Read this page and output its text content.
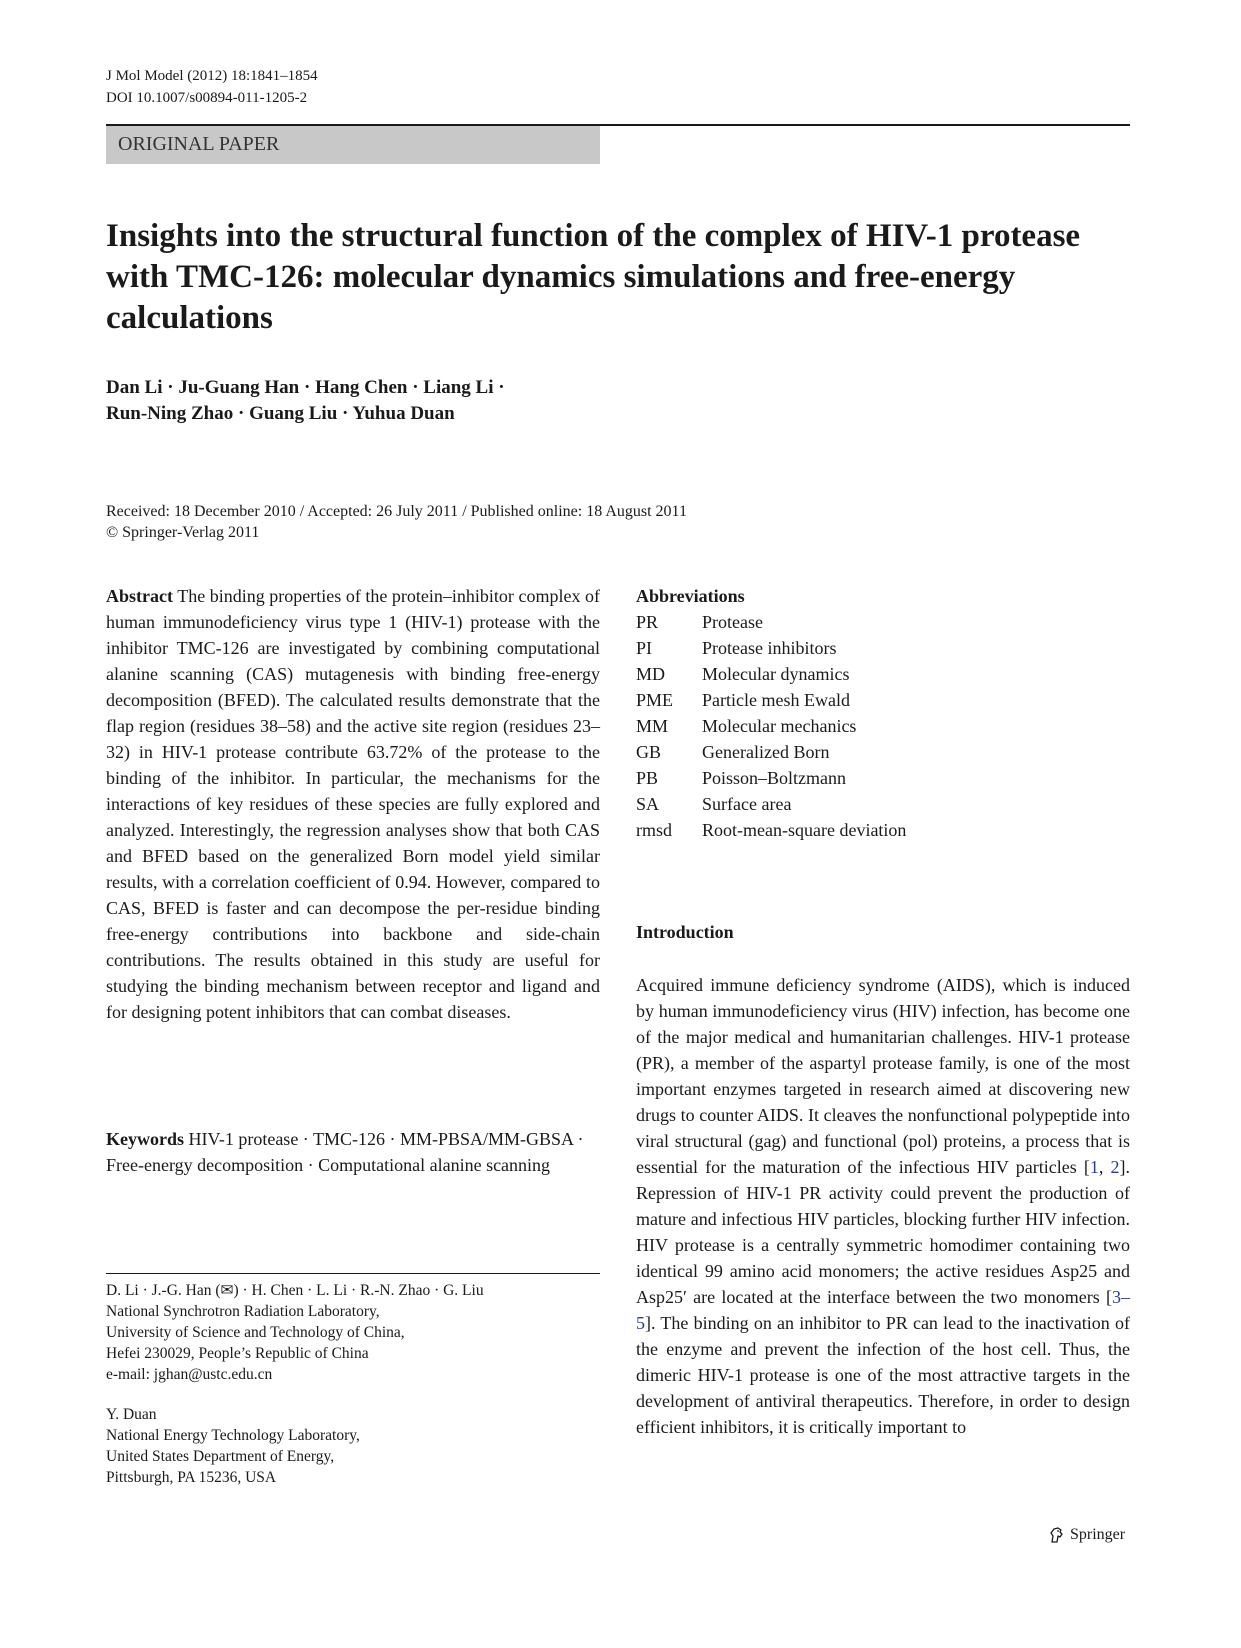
J Mol Model (2012) 18:1841–1854
DOI 10.1007/s00894-011-1205-2
ORIGINAL PAPER
Insights into the structural function of the complex of HIV-1 protease with TMC-126: molecular dynamics simulations and free-energy calculations
Dan Li · Ju-Guang Han · Hang Chen · Liang Li ·
Run-Ning Zhao · Guang Liu · Yuhua Duan
Received: 18 December 2010 / Accepted: 26 July 2011 / Published online: 18 August 2011
© Springer-Verlag 2011
Abstract The binding properties of the protein–inhibitor complex of human immunodeficiency virus type 1 (HIV-1) protease with the inhibitor TMC-126 are investigated by combining computational alanine scanning (CAS) mutagenesis with binding free-energy decomposition (BFED). The calculated results demonstrate that the flap region (residues 38–58) and the active site region (residues 23–32) in HIV-1 protease contribute 63.72% of the protease to the binding of the inhibitor. In particular, the mechanisms for the interactions of key residues of these species are fully explored and analyzed. Interestingly, the regression analyses show that both CAS and BFED based on the generalized Born model yield similar results, with a correlation coefficient of 0.94. However, compared to CAS, BFED is faster and can decompose the per-residue binding free-energy contributions into backbone and side-chain contributions. The results obtained in this study are useful for studying the binding mechanism between receptor and ligand and for designing potent inhibitors that can combat diseases.
Keywords HIV-1 protease · TMC-126 · MM-PBSA/MM-GBSA · Free-energy decomposition · Computational alanine scanning
D. Li · J.-G. Han (✉) · H. Chen · L. Li · R.-N. Zhao · G. Liu
National Synchrotron Radiation Laboratory,
University of Science and Technology of China,
Hefei 230029, People’s Republic of China
e-mail: jghan@ustc.edu.cn
Y. Duan
National Energy Technology Laboratory,
United States Department of Energy,
Pittsburgh, PA 15236, USA
Abbreviations
PR	Protease
PI	Protease inhibitors
MD	Molecular dynamics
PME	Particle mesh Ewald
MM	Molecular mechanics
GB	Generalized Born
PB	Poisson–Boltzmann
SA	Surface area
rmsd	Root-mean-square deviation
Introduction
Acquired immune deficiency syndrome (AIDS), which is induced by human immunodeficiency virus (HIV) infection, has become one of the major medical and humanitarian challenges. HIV-1 protease (PR), a member of the aspartyl protease family, is one of the most important enzymes targeted in research aimed at discovering new drugs to counter AIDS. It cleaves the nonfunctional polypeptide into viral structural (gag) and functional (pol) proteins, a process that is essential for the maturation of the infectious HIV particles [1, 2]. Repression of HIV-1 PR activity could prevent the production of mature and infectious HIV particles, blocking further HIV infection. HIV protease is a centrally symmetric homodimer containing two identical 99 amino acid monomers; the active residues Asp25 and Asp25′ are located at the interface between the two monomers [3–5]. The binding on an inhibitor to PR can lead to the inactivation of the enzyme and prevent the infection of the host cell. Thus, the dimeric HIV-1 protease is one of the most attractive targets in the development of antiviral therapeutics. Therefore, in order to design efficient inhibitors, it is critically important to
Springer
